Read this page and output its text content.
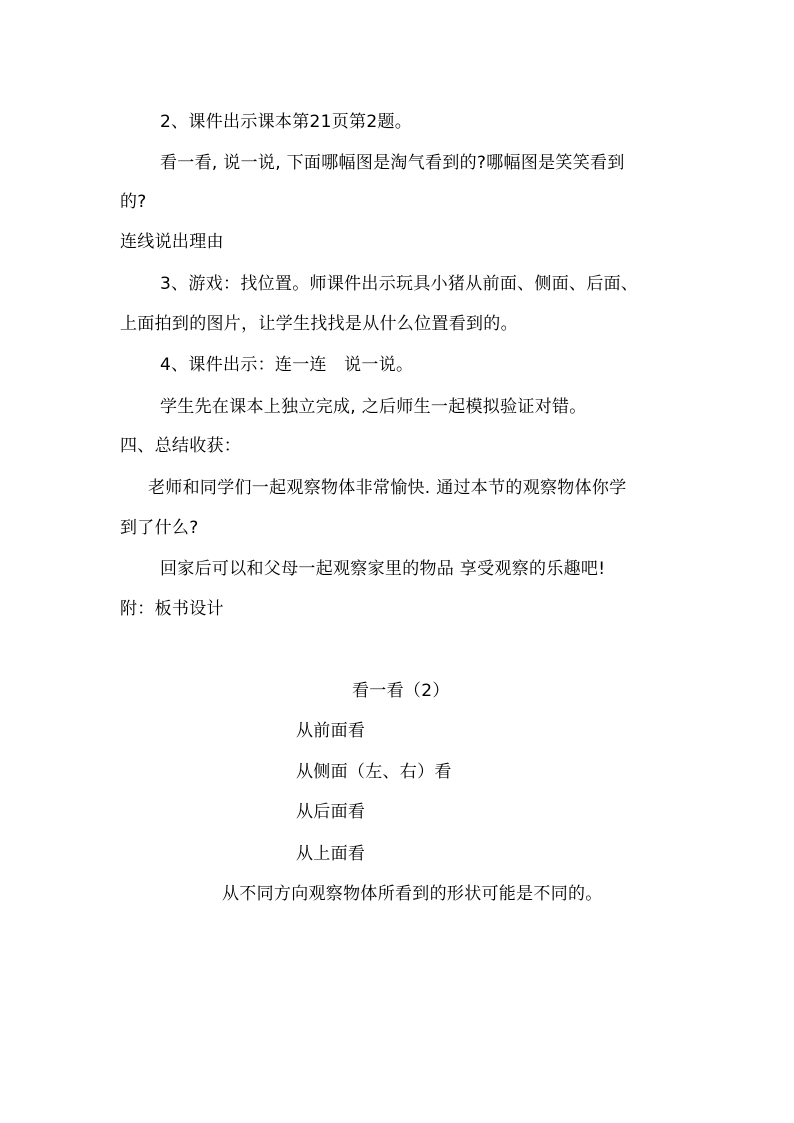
2、课件出示课本第21页第2题。
看一看, 说一说, 下面哪幅图是淘气看到的?哪幅图是笑笑看到
的?
连线说出理由
3、游戏：找位置。师课件出示玩具小猪从前面、侧面、后面、
上面拍到的图片，让学生找找是从什么位置看到的。
4、课件出示：连一连　说一说。
学生先在课本上独立完成, 之后师生一起模拟验证对错。
四、总结收获：
老师和同学们一起观察物体非常愉快. 通过本节的观察物体你学
到了什么?
回家后可以和父母一起观察家里的物品 享受观察的乐趣吧!
附：板书设计
看一看（2）
从前面看
从侧面（左、右）看
从后面看
从上面看
从不同方向观察物体所看到的形状可能是不同的。
